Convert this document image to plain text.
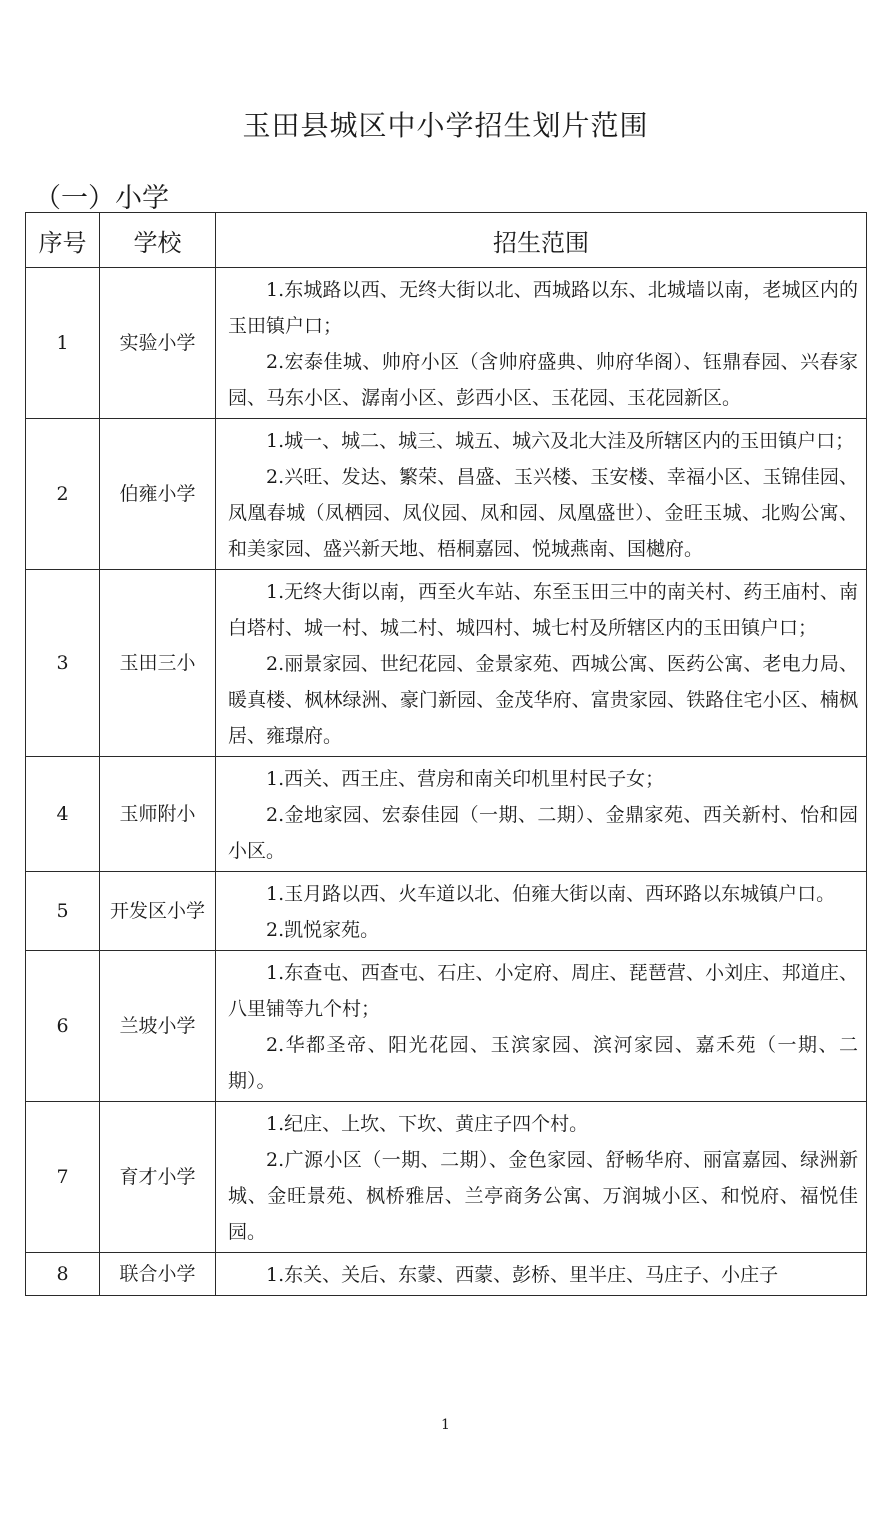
玉田县城区中小学招生划片范围
（一）小学
序号	学校	招生范围
1	实验小学	1.东城路以西、无终大街以北、西城路以东、北城墙以南，老城区内的玉田镇户口；

2.宏泰佳城、帅府小区（含帅府盛典、帅府华阁）、钰鼎春园、兴春家园、马东小区、潺南小区、彭西小区、玉花园、玉花园新区。

2	伯雍小学	1.城一、城二、城三、城五、城六及北大洼及所辖区内的玉田镇户口；

2.兴旺、发达、繁荣、昌盛、玉兴楼、玉安楼、幸福小区、玉锦佳园、凤凰春城（凤栖园、凤仪园、凤和园、凤凰盛世）、金旺玉城、北购公寓、和美家园、盛兴新天地、梧桐嘉园、悦城燕南、国樾府。

3	玉田三小	1.无终大街以南，西至火车站、东至玉田三中的南关村、药王庙村、南白塔村、城一村、城二村、城四村、城七村及所辖区内的玉田镇户口；

2.丽景家园、世纪花园、金景家苑、西城公寓、医药公寓、老电力局、暖真楼、枫林绿洲、豪门新园、金茂华府、富贵家园、铁路住宅小区、楠枫居、雍璟府。

4	玉师附小	1.西关、西王庄、营房和南关印机里村民子女；

2.金地家园、宏泰佳园（一期、二期）、金鼎家苑、西关新村、怡和园小区。

5	开发区小学	1.玉月路以西、火车道以北、伯雍大街以南、西环路以东城镇户口。

2.凯悦家苑。

6	兰坡小学	1.东查屯、西查屯、石庄、小定府、周庄、琵琶营、小刘庄、邦道庄、八里铺等九个村；

2.华都圣帝、阳光花园、玉滨家园、滨河家园、嘉禾苑（一期、二期）。

7	育才小学	1.纪庄、上坎、下坎、黄庄子四个村。

2.广源小区（一期、二期）、金色家园、舒畅华府、丽富嘉园、绿洲新城、金旺景苑、枫桥雅居、兰亭商务公寓、万润城小区、和悦府、福悦佳园。

8	联合小学	1.东关、关后、东蒙、西蒙、彭桥、里半庄、马庄子、小庄子

1
